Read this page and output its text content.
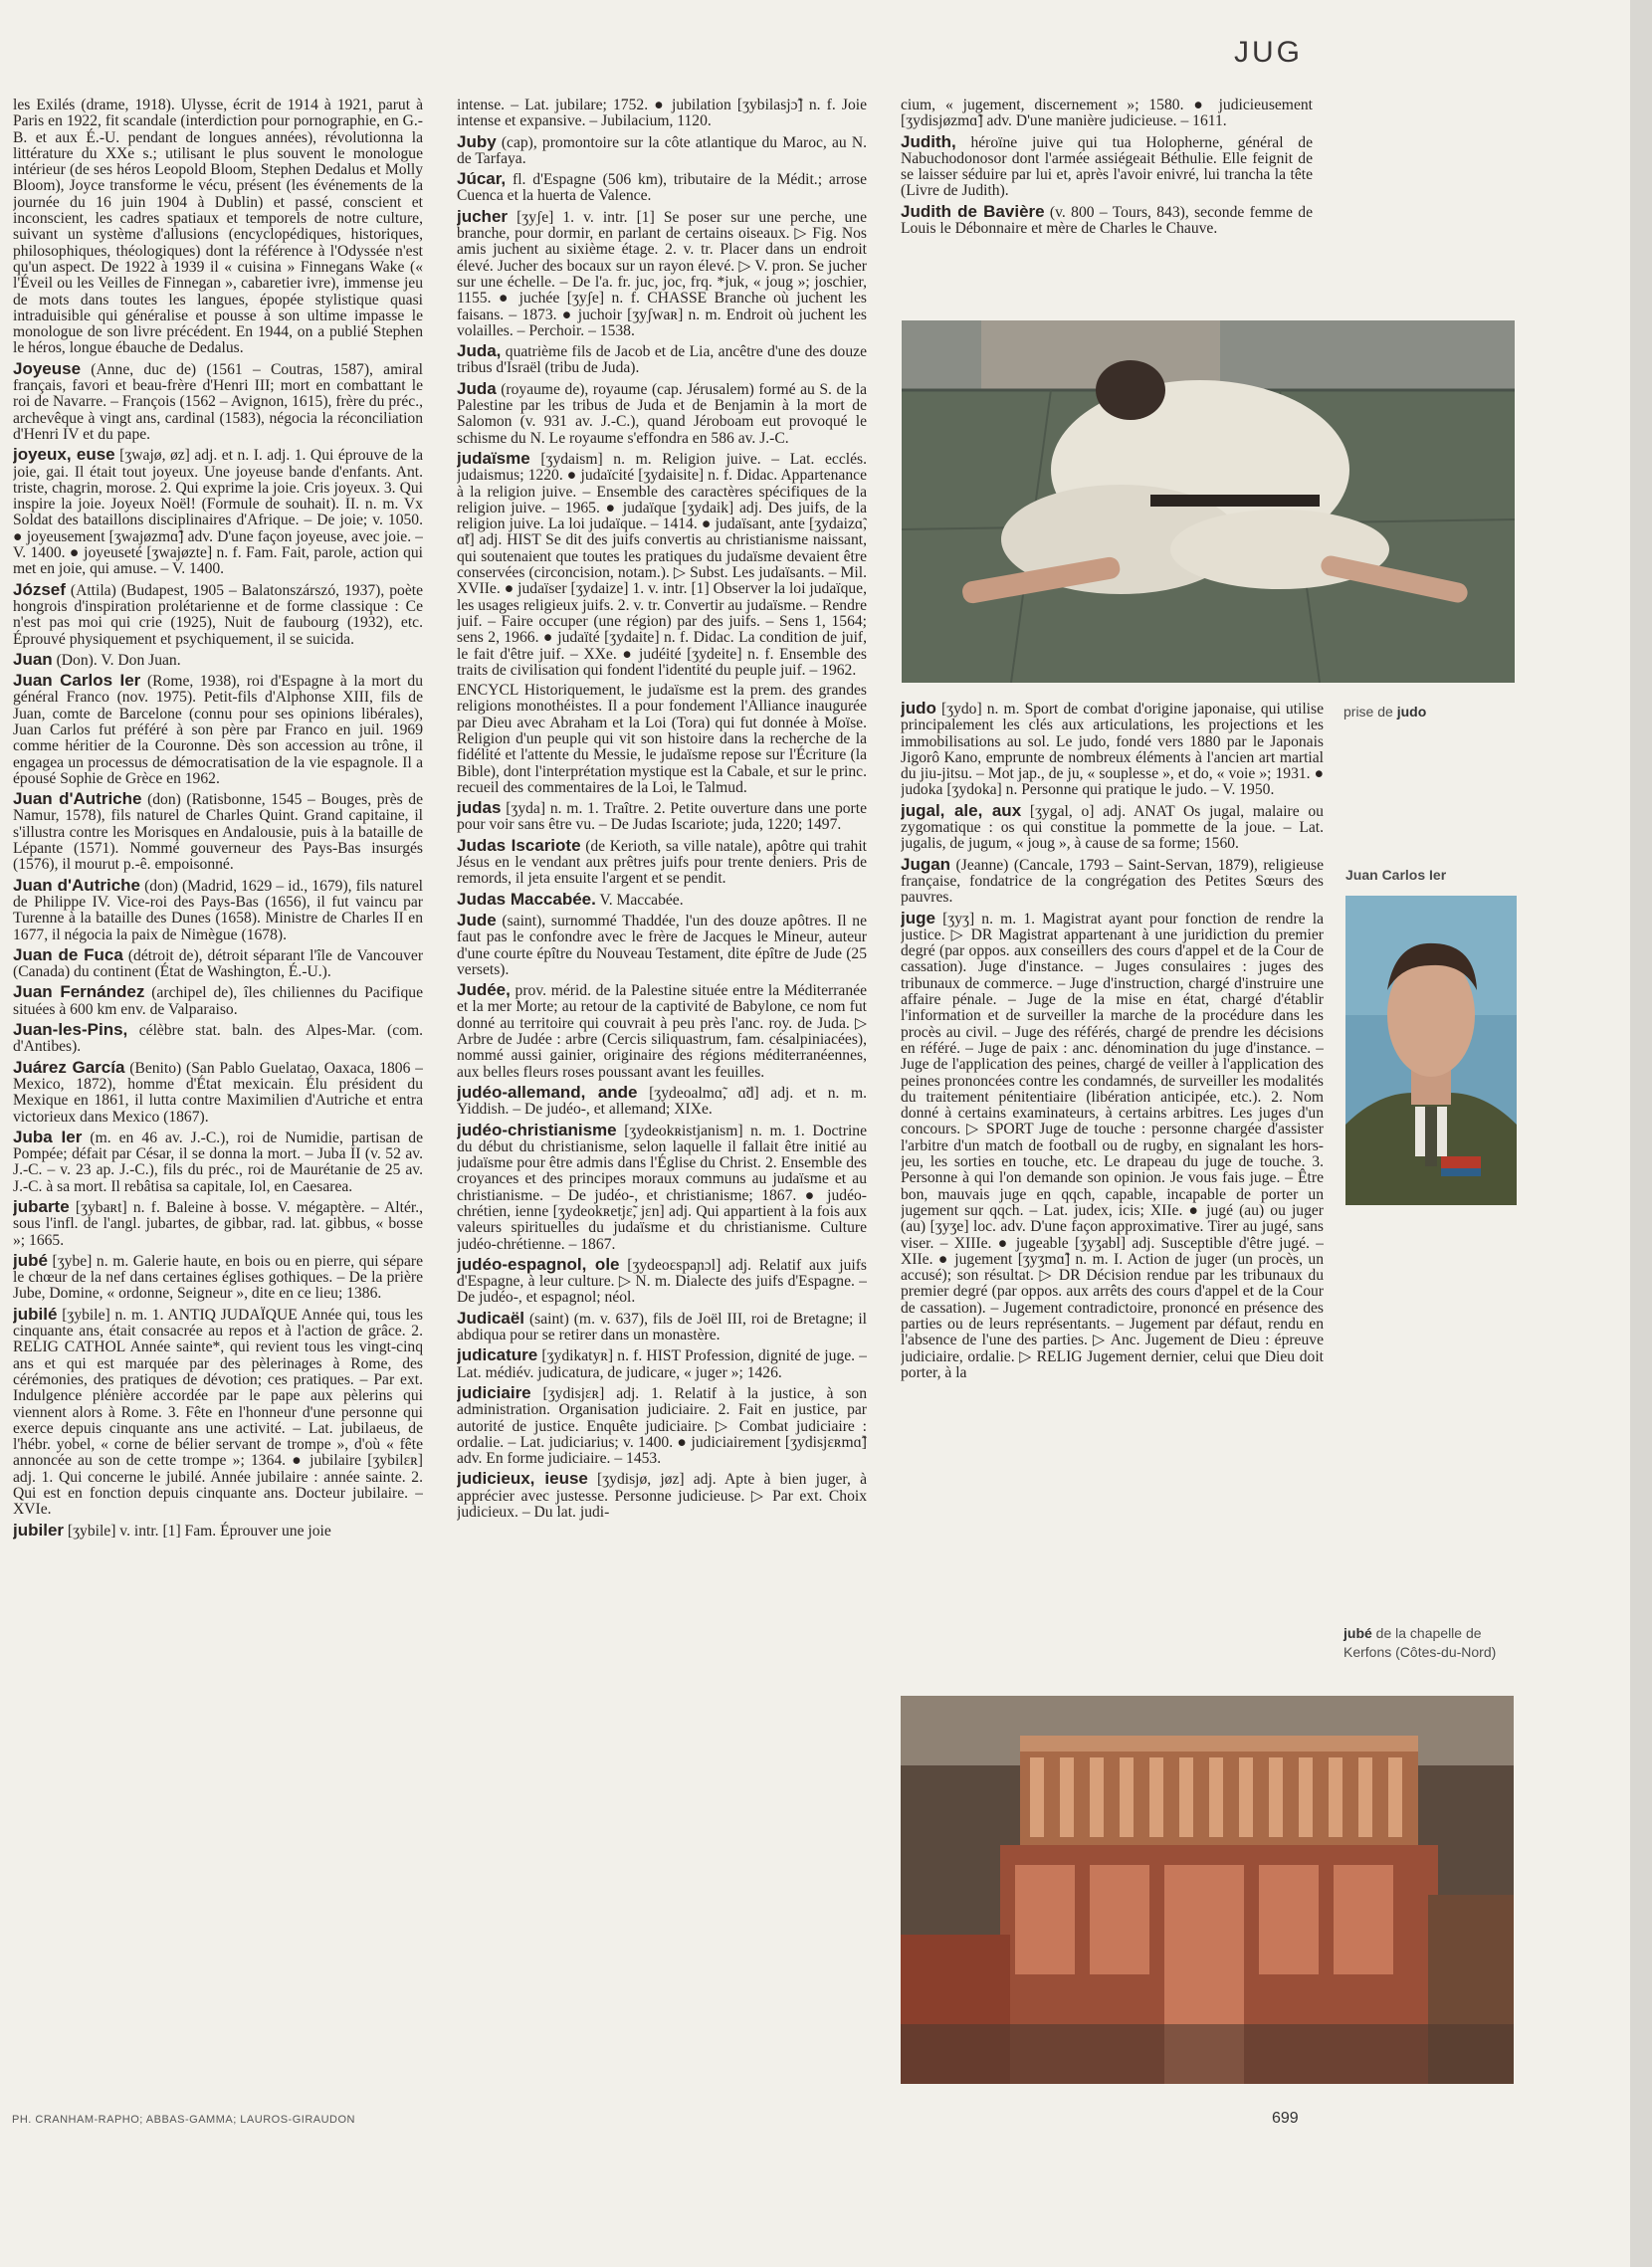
JUG

les Exilés (drame, 1918). Ulysse, écrit de 1914 à 1921, parut à Paris en 1922, fit scandale (interdiction pour pornographie, en G.-B. et aux É.-U. pendant de longues années), révolutionna la littérature du XXe s.; utilisant le plus souvent le monologue intérieur (de ses héros Leopold Bloom, Stephen Dedalus et Molly Bloom), Joyce transforme le vécu, présent (les événements de la journée du 16 juin 1904 à Dublin) et passé, conscient et inconscient, les cadres spatiaux et temporels de notre culture, suivant un système d'allusions (encyclopédiques, historiques, philosophiques, théologiques) dont la référence à l'Odyssée n'est qu'un aspect. De 1922 à 1939 il « cuisina » Finnegans Wake (« l'Éveil ou les Veilles de Finnegan », cabaretier ivre), immense jeu de mots dans toutes les langues, épopée stylistique quasi intraduisible qui généralise et pousse à son ultime impasse le monologue de son livre précédent. En 1944, on a publié Stephen le héros, longue ébauche de Dedalus.

Joyeuse (Anne, duc de) (1561 – Coutras, 1587), amiral français, favori et beau-frère d'Henri III; mort en combattant le roi de Navarre. – François (1562 – Avignon, 1615), frère du préc., archevêque à vingt ans, cardinal (1583), négocia la réconciliation d'Henri IV et du pape.

joyeux, euse [ʒwajø, øz] adj. et n. I. adj. 1. Qui éprouve de la joie, gai. Il était tout joyeux. Une joyeuse bande d'enfants. Ant. triste, chagrin, morose. 2. Qui exprime la joie. Cris joyeux. 3. Qui inspire la joie. Joyeux Noël! (Formule de souhait). II. n. m. Vx Soldat des bataillons disciplinaires d'Afrique. – De joie; v. 1050. ● joyeusement [ʒwajøzmɑ̃] adv. D'une façon joyeuse, avec joie. – V. 1400. ● joyeuseté [ʒwajøzte] n. f. Fam. Fait, parole, action qui met en joie, qui amuse. – V. 1400.

József (Attila) (Budapest, 1905 – Balatonszárszó, 1937), poète hongrois d'inspiration prolétarienne et de forme classique : Ce n'est pas moi qui crie (1925), Nuit de faubourg (1932), etc. Éprouvé physiquement et psychiquement, il se suicida.

Juan (Don). V. Don Juan.

Juan Carlos Ier (Rome, 1938), roi d'Espagne à la mort du général Franco (nov. 1975). Petit-fils d'Alphonse XIII, fils de Juan, comte de Barcelone (connu pour ses opinions libérales), Juan Carlos fut préféré à son père par Franco en juil. 1969 comme héritier de la Couronne. Dès son accession au trône, il engagea un processus de démocratisation de la vie espagnole. Il a épousé Sophie de Grèce en 1962.

Juan d'Autriche (don) (Ratisbonne, 1545 – Bouges, près de Namur, 1578), fils naturel de Charles Quint. Grand capitaine, il s'illustra contre les Morisques en Andalousie, puis à la bataille de Lépante (1571). Nommé gouverneur des Pays-Bas insurgés (1576), il mourut p.-ê. empoisonné.

Juan d'Autriche (don) (Madrid, 1629 – id., 1679), fils naturel de Philippe IV. Vice-roi des Pays-Bas (1656), il fut vaincu par Turenne à la bataille des Dunes (1658). Ministre de Charles II en 1677, il négocia la paix de Nimègue (1678).

Juan de Fuca (détroit de), détroit séparant l'île de Vancouver (Canada) du continent (État de Washington, É.-U.).

Juan Fernández (archipel de), îles chiliennes du Pacifique situées à 600 km env. de Valparaiso.

Juan-les-Pins, célèbre stat. baln. des Alpes-Mar. (com. d'Antibes).

Juárez García (Benito) (San Pablo Guelatao, Oaxaca, 1806 – Mexico, 1872), homme d'État mexicain. Élu président du Mexique en 1861, il lutta contre Maximilien d'Autriche et entra victorieux dans Mexico (1867).

Juba Ier (m. en 46 av. J.-C.), roi de Numidie, partisan de Pompée; défait par César, il se donna la mort. – Juba II (v. 52 av. J.-C. – v. 23 ap. J.-C.), fils du préc., roi de Maurétanie de 25 av. J.-C. à sa mort. Il rebâtisa sa capitale, Iol, en Caesarea.

jubarte [ʒybaʀt] n. f. Baleine à bosse. V. mégaptère. – Altér., sous l'infl. de l'angl. jubartes, de gibbar, rad. lat. gibbus, « bosse »; 1665.

jubé [ʒybe] n. m. Galerie haute, en bois ou en pierre, qui sépare le chœur de la nef dans certaines églises gothiques. – De la prière Jube, Domine, « ordonne, Seigneur », dite en ce lieu; 1386.

jubilé [ʒybile] n. m. 1. ANTIQ JUDAÏQUE Année qui, tous les cinquante ans, était consacrée au repos et à l'action de grâce. 2. RELIG CATHOL Année sainte*, qui revient tous les vingt-cinq ans et qui est marquée par des pèlerinages à Rome, des cérémonies, des pratiques de dévotion; ces pratiques. – Par ext. Indulgence plénière accordée par le pape aux pèlerins qui viennent alors à Rome. 3. Fête en l'honneur d'une personne qui exerce depuis cinquante ans une activité. – Lat. jubilaeus, de l'hébr. yobel, « corne de bélier servant de trompe », d'où « fête annoncée au son de cette trompe »; 1364. ● jubilaire [ʒybilɛʀ] adj. 1. Qui concerne le jubilé. Année jubilaire : année sainte. 2. Qui est en fonction depuis cinquante ans. Docteur jubilaire. – XVIe.

jubiler [ʒybile] v. intr. [1] Fam. Éprouver une joie

intense. – Lat. jubilare; 1752. ● jubilation [ʒybilasjɔ̃] n. f. Joie intense et expansive. – Jubilacium, 1120.

Juby (cap), promontoire sur la côte atlantique du Maroc, au N. de Tarfaya.

Júcar, fl. d'Espagne (506 km), tributaire de la Médit.; arrose Cuenca et la huerta de Valence.

jucher [ʒyʃe] 1. v. intr. [1] Se poser sur une perche, une branche, pour dormir, en parlant de certains oiseaux. ▷ Fig. Nos amis juchent au sixième étage. 2. v. tr. Placer dans un endroit élevé. Jucher des bocaux sur un rayon élevé. ▷ V. pron. Se jucher sur une échelle. – De l'a. fr. juc, joc, frq. *juk, « joug »; joschier, 1155. ● juchée [ʒyʃe] n. f. CHASSE Branche où juchent les faisans. – 1873. ● juchoir [ʒyʃwaʀ] n. m. Endroit où juchent les volailles. – Perchoir. – 1538.

Juda, quatrième fils de Jacob et de Lia, ancêtre d'une des douze tribus d'Israël (tribu de Juda).

Juda (royaume de), royaume (cap. Jérusalem) formé au S. de la Palestine par les tribus de Juda et de Benjamin à la mort de Salomon (v. 931 av. J.-C.), quand Jéroboam eut provoqué le schisme du N. Le royaume s'effondra en 586 av. J.-C.

judaïsme [ʒydaism] n. m. Religion juive. – Lat. ecclés. judaismus; 1220. ● judaïcité [ʒydaisite] n. f. Didac. Appartenance à la religion juive. – Ensemble des caractères spécifiques de la religion juive. – 1965. ● judaïque [ʒydaik] adj. Des juifs, de la religion juive. La loi judaïque. – 1414. ● judaïsant, ante [ʒydaizɑ̃, ɑ̃t] adj. HIST Se dit des juifs convertis au christianisme naissant, qui soutenaient que toutes les pratiques du judaïsme devaient être conservées (circoncision, notam.). ▷ Subst. Les judaïsants. – Mil. XVIIe. ● judaïser [ʒydaize] 1. v. intr. [1] Observer la loi judaïque, les usages religieux juifs. 2. v. tr. Convertir au judaïsme. – Rendre juif. – Faire occuper (une région) par des juifs. – Sens 1, 1564; sens 2, 1966. ● judaïté [ʒydaite] n. f. Didac. La condition de juif, le fait d'être juif. – XXe. ● judéité [ʒydeite] n. f. Ensemble des traits de civilisation qui fondent l'identité du peuple juif. – 1962.

ENCYCL Historiquement, le judaïsme est la prem. des grandes religions monothéistes. Il a pour fondement l'Alliance inaugurée par Dieu avec Abraham et la Loi (Tora) qui fut donnée à Moïse. Religion d'un peuple qui vit son histoire dans la recherche de la fidélité et l'attente du Messie, le judaïsme repose sur l'Écriture (la Bible), dont l'interprétation mystique est la Cabale, et sur le princ. recueil des commentaires de la Loi, le Talmud.

judas [ʒyda] n. m. 1. Traître. 2. Petite ouverture dans une porte pour voir sans être vu. – De Judas Iscariote; juda, 1220; 1497.

Judas Iscariote (de Kerioth, sa ville natale), apôtre qui trahit Jésus en le vendant aux prêtres juifs pour trente deniers. Pris de remords, il jeta ensuite l'argent et se pendit.

Judas Maccabée. V. Maccabée.

Jude (saint), surnommé Thaddée, l'un des douze apôtres. Il ne faut pas le confondre avec le frère de Jacques le Mineur, auteur d'une courte épître du Nouveau Testament, dite épître de Jude (25 versets).

Judée, prov. mérid. de la Palestine située entre la Méditerranée et la mer Morte; au retour de la captivité de Babylone, ce nom fut donné au territoire qui couvrait à peu près l'anc. roy. de Juda. ▷ Arbre de Judée : arbre (Cercis siliquastrum, fam. césalpiniacées), nommé aussi gainier, originaire des régions méditerranéennes, aux belles fleurs roses poussant avant les feuilles.

judéo-allemand, ande [ʒydeoalmɑ̃, ɑ̃d] adj. et n. m. Yiddish. – De judéo-, et allemand; XIXe.

judéo-christianisme [ʒydeokʀistjanism] n. m. 1. Doctrine du début du christianisme, selon laquelle il fallait être initié au judaïsme pour être admis dans l'Église du Christ. 2. Ensemble des croyances et des principes moraux communs au judaïsme et au christianisme. – De judéo-, et christianisme; 1867. ● judéo-chrétien, ienne [ʒydeokʀetjɛ̃, jɛn] adj. Qui appartient à la fois aux valeurs spirituelles du judaïsme et du christianisme. Culture judéo-chrétienne. – 1867.

judéo-espagnol, ole [ʒydeoɛspaɲɔl] adj. Relatif aux juifs d'Espagne, à leur culture. ▷ N. m. Dialecte des juifs d'Espagne. – De judéo-, et espagnol; néol.

Judicaël (saint) (m. v. 637), fils de Joël III, roi de Bretagne; il abdiqua pour se retirer dans un monastère.

judicature [ʒydikatyʀ] n. f. HIST Profession, dignité de juge. – Lat. médiév. judicatura, de judicare, « juger »; 1426.

judiciaire [ʒydisjɛʀ] adj. 1. Relatif à la justice, à son administration. Organisation judiciaire. 2. Fait en justice, par autorité de justice. Enquête judiciaire. ▷ Combat judiciaire : ordalie. – Lat. judiciarius; v. 1400. ● judiciairement [ʒydisjɛʀmɑ̃] adv. En forme judiciaire. – 1453.

judicieux, ieuse [ʒydisjø, jøz] adj. Apte à bien juger, à apprécier avec justesse. Personne judicieuse. ▷ Par ext. Choix judicieux. – Du lat. judi-

cium, « jugement, discernement »; 1580. ● judicieusement [ʒydisjøzmɑ̃] adv. D'une manière judicieuse. – 1611.

Judith, héroïne juive qui tua Holopherne, général de Nabuchodonosor dont l'armée assiégeait Béthulie. Elle feignit de se laisser séduire par lui et, après l'avoir enivré, lui trancha la tête (Livre de Judith).

Judith de Bavière (v. 800 – Tours, 843), seconde femme de Louis le Débonnaire et mère de Charles le Chauve.

judo [ʒydo] n. m. Sport de combat d'origine japonaise, qui utilise principalement les clés aux articulations, les projections et les immobilisations au sol. Le judo, fondé vers 1880 par le Japonais Jigorô Kano, emprunte de nombreux éléments à l'ancien art martial du jiu-jitsu. – Mot jap., de ju, « souplesse », et do, « voie »; 1931. ● judoka [ʒydoka] n. Personne qui pratique le judo. – V. 1950.

jugal, ale, aux [ʒygal, o] adj. ANAT Os jugal, malaire ou zygomatique : os qui constitue la pommette de la joue. – Lat. jugalis, de jugum, « joug », à cause de sa forme; 1560.

Jugan (Jeanne) (Cancale, 1793 – Saint-Servan, 1879), religieuse française, fondatrice de la congrégation des Petites Sœurs des pauvres.

juge [ʒyʒ] n. m. 1. Magistrat ayant pour fonction de rendre la justice. ▷ DR Magistrat appartenant à une juridiction du premier degré (par oppos. aux conseillers des cours d'appel et de la Cour de cassation). Juge d'instance. – Juges consulaires : juges des tribunaux de commerce. – Juge d'instruction, chargé d'instruire une affaire pénale. – Juge de la mise en état, chargé d'établir l'information et de surveiller la marche de la procédure dans les procès au civil. – Juge des référés, chargé de prendre les décisions en référé. – Juge de paix : anc. dénomination du juge d'instance. – Juge de l'application des peines, chargé de veiller à l'application des peines prononcées contre les condamnés, de surveiller les modalités du traitement pénitentiaire (libération anticipée, etc.). 2. Nom donné à certains examinateurs, à certains arbitres. Les juges d'un concours. ▷ SPORT Juge de touche : personne chargée d'assister l'arbitre d'un match de football ou de rugby, en signalant les hors-jeu, les sorties en touche, etc. Le drapeau du juge de touche. 3. Personne à qui l'on demande son opinion. Je vous fais juge. – Être bon, mauvais juge en qqch, capable, incapable de porter un jugement sur qqch. – Lat. judex, icis; XIIe. ● jugé (au) ou juger (au) [ʒyʒe] loc. adv. D'une façon approximative. Tirer au jugé, sans viser. – XIIIe. ● jugeable [ʒyʒabl] adj. Susceptible d'être jugé. – XIIe. ● jugement [ʒyʒmɑ̃] n. m. I. Action de juger (un procès, un accusé); son résultat. ▷ DR Décision rendue par les tribunaux du premier degré (par oppos. aux arrêts des cours d'appel et de la Cour de cassation). – Jugement contradictoire, prononcé en présence des parties ou de leurs représentants. – Jugement par défaut, rendu en l'absence de l'une des parties. ▷ Anc. Jugement de Dieu : épreuve judiciaire, ordalie. ▷ RELIG Jugement dernier, celui que Dieu doit porter, à la

prise de judo
Juan Carlos Ier
jubé de la chapelle de Kerfons (Côtes-du-Nord)
PH. CRANHAM-RAPHO; ABBAS-GAMMA; LAUROS-GIRAUDON	699
